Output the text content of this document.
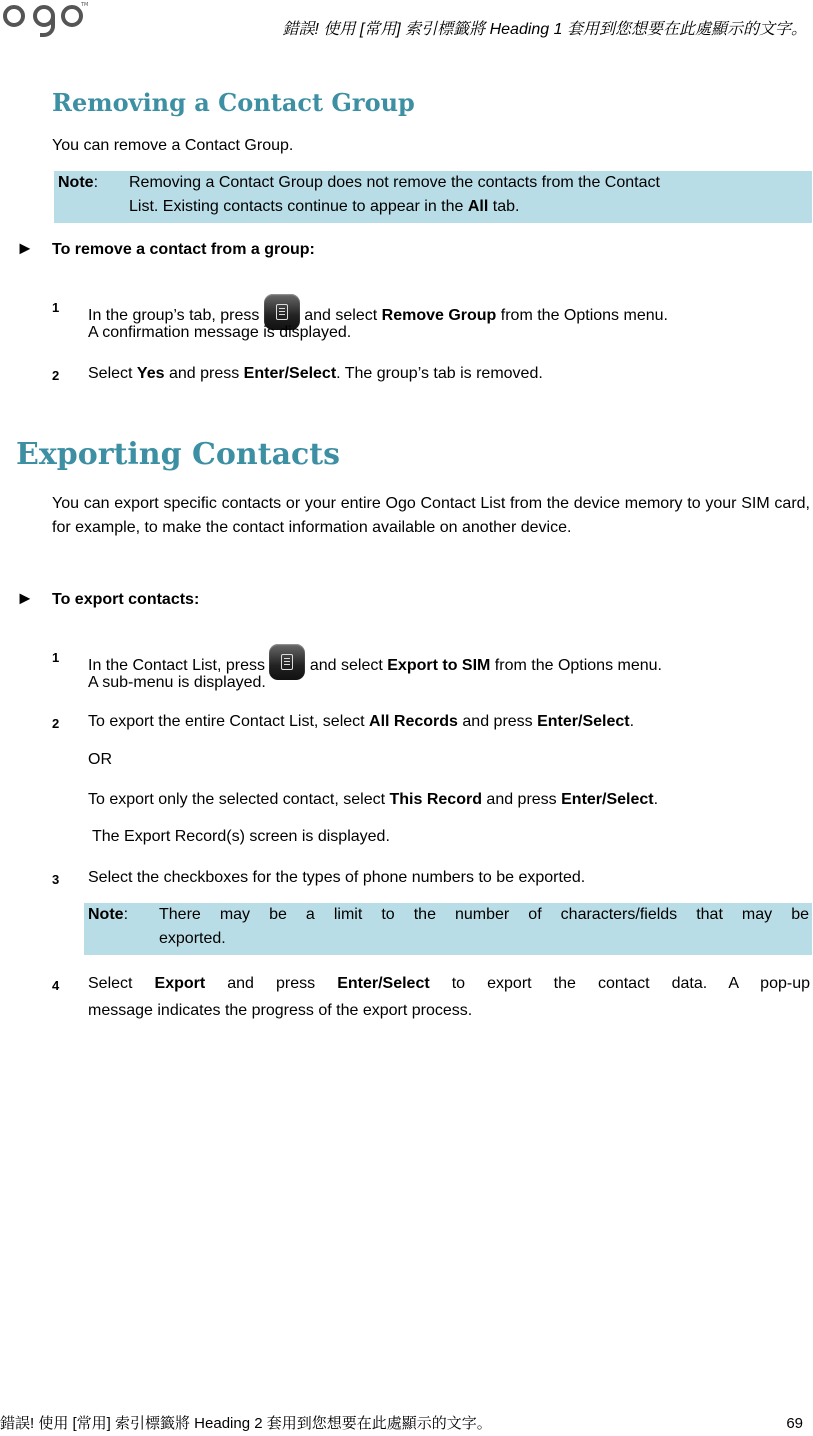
TM
錯誤! 使用 [常用] 索引標籤將 Heading 1 套用到您想要在此處顯示的文字。
Removing a Contact Group
You can remove a Contact Group.
Note: Removing a Contact Group does not remove the contacts from the Contact
List. Existing contacts continue to appear in the All tab.
► To remove a contact from a group:
1 In the group’s tab, press
and select Remove Group from the Options menu.
A confirmation message is displayed.
2 Select Yes and press Enter/Select. The group’s tab is removed.
Exporting Contacts
You can export specific contacts or your entire Ogo Contact List from the device memory to your SIM card, for example, to make the contact information available on another device.
► To export contacts:
1 In the Contact List, press
and select Export to SIM from the Options menu.
A sub-menu is displayed.
2 To export the entire Contact List, select All Records and press Enter/Select.
OR
To export only the selected contact, select This Record and press Enter/Select.
The Export Record(s) screen is displayed.
3 Select the checkboxes for the types of phone numbers to be exported.
Note: There may be a limit to the number of characters/fields that may be
exported.
4 Select Export and press Enter/Select to export the contact data. A pop-up
message indicates the progress of the export process.
錯誤! 使用 [常用] 索引標籤將 Heading 2 套用到您想要在此處顯示的文字。	69
